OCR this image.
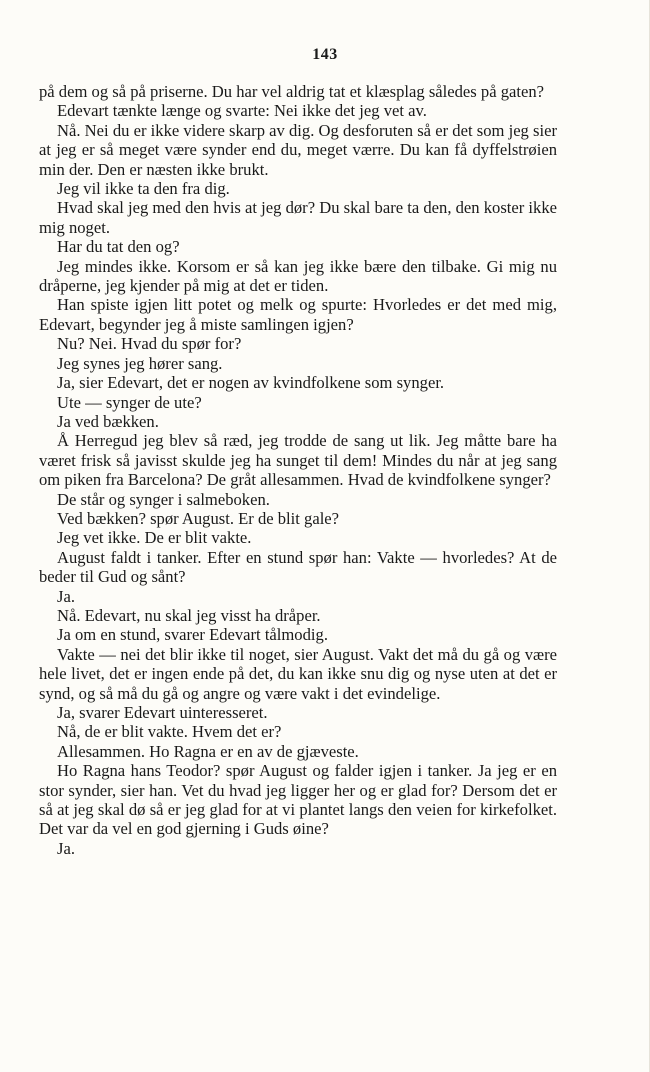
143

på dem og så på priserne. Du har vel aldrig tat et klæsplag således på gaten?

Edevart tænkte længe og svarte: Nei ikke det jeg vet av.

Nå. Nei du er ikke videre skarp av dig. Og desforuten så er det som jeg sier at jeg er så meget være synder end du, meget værre. Du kan få dyffelstrøien min der. Den er næsten ikke brukt.

Jeg vil ikke ta den fra dig.

Hvad skal jeg med den hvis at jeg dør? Du skal bare ta den, den koster ikke mig noget.

Har du tat den og?

Jeg mindes ikke. Korsom er så kan jeg ikke bære den tilbake. Gi mig nu dråperne, jeg kjender på mig at det er tiden.

Han spiste igjen litt potet og melk og spurte: Hvorledes er det med mig, Edevart, begynder jeg å miste samlingen igjen?

Nu? Nei. Hvad du spør for?

Jeg synes jeg hører sang.

Ja, sier Edevart, det er nogen av kvindfolkene som synger.

Ute — synger de ute?

Ja ved bækken.

Å Herregud jeg blev så ræd, jeg trodde de sang ut lik. Jeg måtte bare ha været frisk så javisst skulde jeg ha sunget til dem! Mindes du når at jeg sang om piken fra Barcelona? De gråt allesammen. Hvad de kvindfolkene synger?

De står og synger i salmeboken.

Ved bækken? spør August. Er de blit gale?

Jeg vet ikke. De er blit vakte.

August faldt i tanker. Efter en stund spør han: Vakte — hvorledes? At de beder til Gud og sånt?

Ja.

Nå. Edevart, nu skal jeg visst ha dråper.

Ja om en stund, svarer Edevart tålmodig.

Vakte — nei det blir ikke til noget, sier August. Vakt det må du gå og være hele livet, det er ingen ende på det, du kan ikke snu dig og nyse uten at det er synd, og så må du gå og angre og være vakt i det evindelige.

Ja, svarer Edevart uinteresseret.

Nå, de er blit vakte. Hvem det er?

Allesammen. Ho Ragna er en av de gjæveste.

Ho Ragna hans Teodor? spør August og falder igjen i tanker. Ja jeg er en stor synder, sier han. Vet du hvad jeg ligger her og er glad for? Dersom det er så at jeg skal dø så er jeg glad for at vi plantet langs den veien for kirkefolket. Det var da vel en god gjerning i Guds øine?

Ja.
